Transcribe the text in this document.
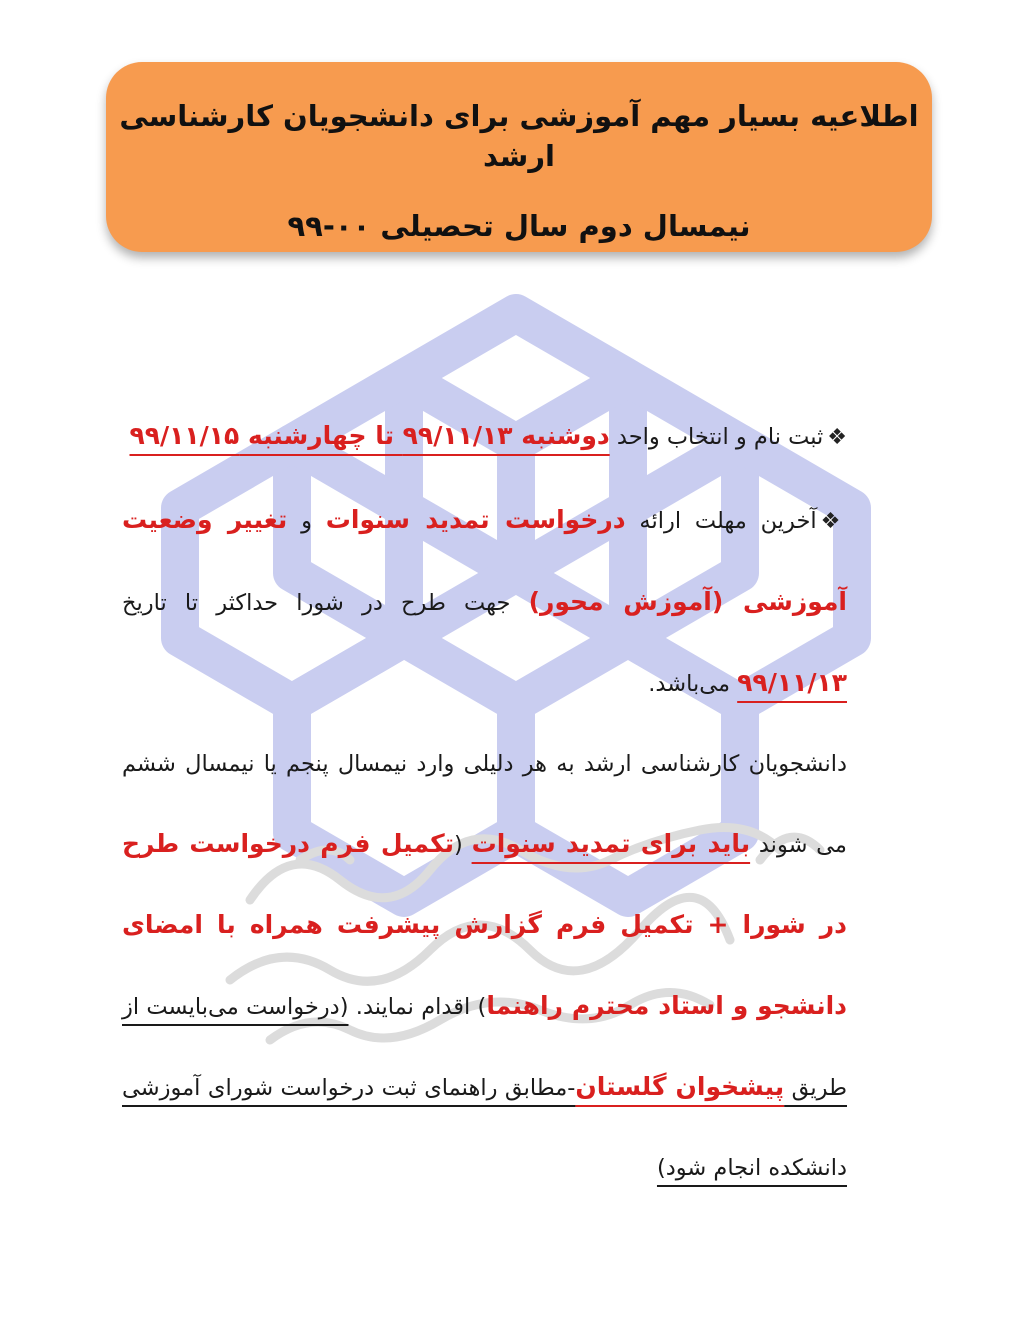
اطلاعیه بسیار مهم آموزشی برای دانشجویان کارشناسی ارشد
نیمسال دوم سال تحصیلی ۰۰-۹۹

❖ثبت نام و انتخاب واحد دوشنبه ۹۹/۱۱/۱۳ تا چهارشنبه ۹۹/۱۱/۱۵

❖آخرین مهلت ارائه درخواست تمدید سنوات و تغییر وضعیت آموزشی (آموزش محور) جهت طرح در شورا حداکثر تا تاریخ ۹۹/۱۱/۱۳ می‌باشد.

دانشجویان کارشناسی ارشد به هر دلیلی وارد نیمسال پنجم یا نیمسال ششم می شوند باید برای تمدید سنوات (تکمیل فرم درخواست طرح در شورا + تکمیل فرم گزارش پیشرفت همراه با امضای دانشجو و استاد محترم راهنما) اقدام نمایند. (درخواست می‌بایست از طریق پیشخوان گلستان-مطابق راهنمای ثبت درخواست شورای آموزشی دانشکده انجام شود)
